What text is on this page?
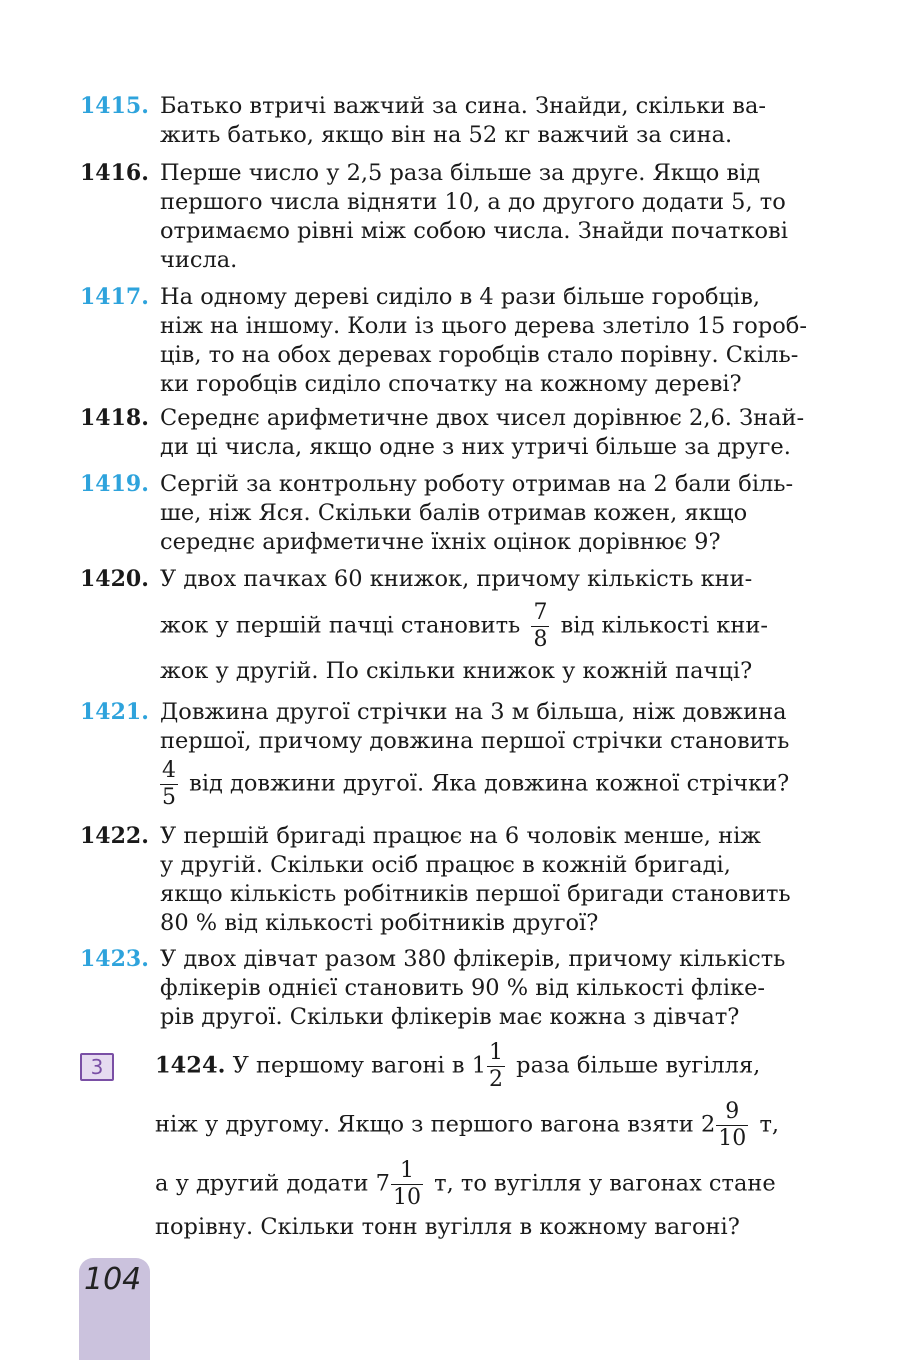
1415. Батько втричі важчий за сина. Знайди, скільки ва-
жить батько, якщо він на 52 кг важчий за сина.
1416. Перше число у 2,5 раза більше за друге. Якщо від
першого числа відняти 10, а до другого додати 5, то
отримаємо рівні між собою числа. Знайди початкові
числа.
1417. На одному дереві сиділо в 4 рази більше горобців,
ніж на іншому. Коли із цього дерева злетіло 15 гороб-
ців, то на обох деревах горобців стало порівну. Скіль-
ки горобців сиділо спочатку на кожному дереві?
1418. Середнє арифметичне двох чисел дорівнює 2,6. Знай-
ди ці числа, якщо одне з них утричі більше за друге.
1419. Сергій за контрольну роботу отримав на 2 бали біль-
ше, ніж Яся. Скільки балів отримав кожен, якщо
середнє арифметичне їхніх оцінок дорівнює 9?
1420. У двох пачках 60 книжок, причому кількість кни-
жок у першій пачці становить $\frac{7}{8}$ від кількості кни-
жок у другій. По скільки книжок у кожній пачці?
1421. Довжина другої стрічки на 3 м більша, ніж довжина
першої, причому довжина першої стрічки становить
$\frac{4}{5}$ від довжини другої. Яка довжина кожної стрічки?
1422. У першій бригаді працює на 6 чоловік менше, ніж
у другій. Скільки осіб працює в кожній бригаді,
якщо кількість робітників першої бригади становить
80 % від кількості робітників другої?
1423. У двох дівчат разом 380 флікерів, причому кількість
флікерів однієї становить 90 % від кількості флікe-
рів другої. Скільки флікерів має кожна з дівчат?
3	1424. У першому вагоні в $1 \frac{1}{2}$ раза більше вугілля,
ніж у другому. Якщо з першого вагона взяти $2 \frac{9}{10} т$,
а у другий додати $7 \frac{1}{10} т$, то вугілля у вагонах стане
порівну. Скільки тонн вугілля в кожному вагоні?
104
